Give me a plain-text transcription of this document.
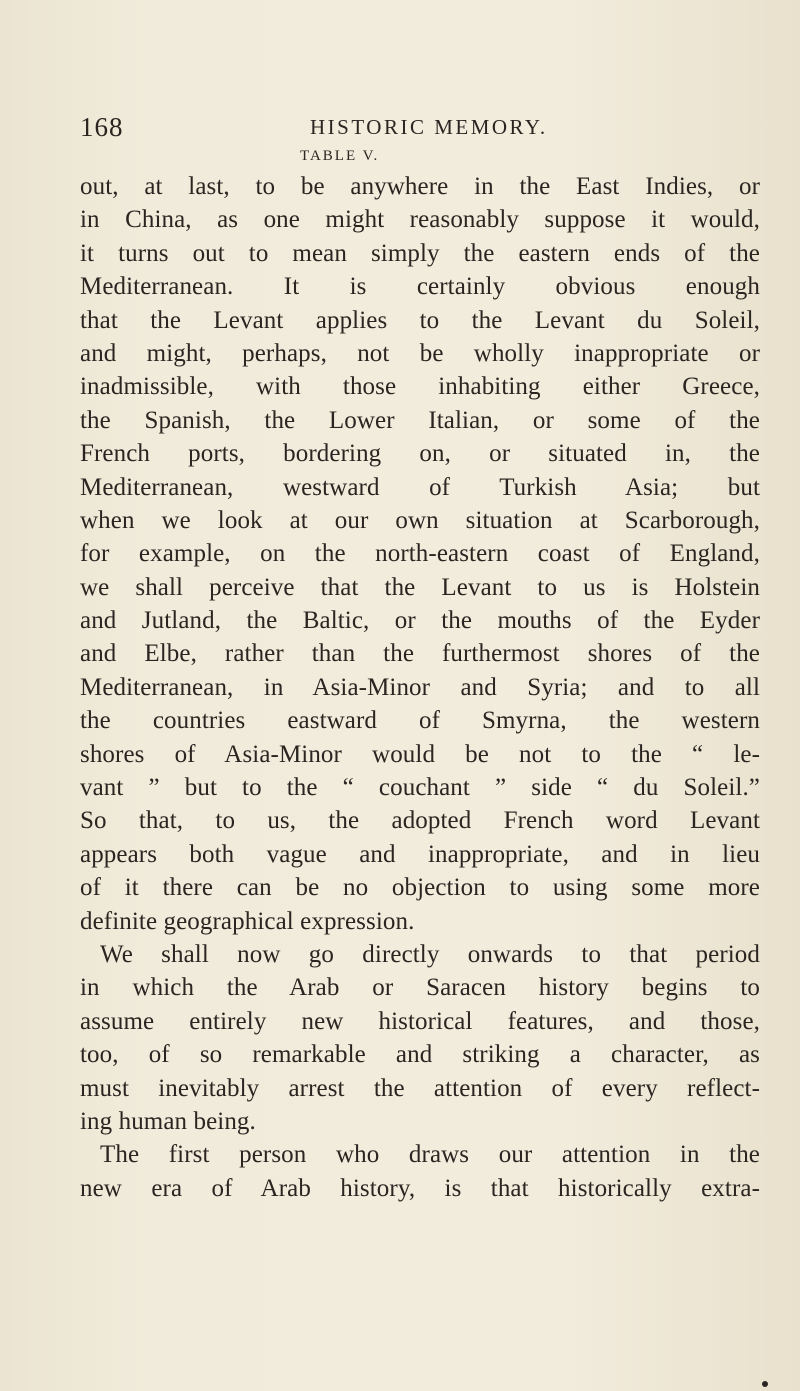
168	HISTORIC MEMORY.
TABLE V.
out, at last, to be anywhere in the East Indies, or
in China, as one might reasonably suppose it would,
it turns out to mean simply the eastern ends of the
Mediterranean. It is certainly obvious enough
that the Levant applies to the Levant du Soleil,
and might, perhaps, not be wholly inappropriate or
inadmissible, with those inhabiting either Greece,
the Spanish, the Lower Italian, or some of the
French ports, bordering on, or situated in, the
Mediterranean, westward of Turkish Asia; but
when we look at our own situation at Scarborough,
for example, on the north-eastern coast of England,
we shall perceive that the Levant to us is Holstein
and Jutland, the Baltic, or the mouths of the Eyder
and Elbe, rather than the furthermost shores of the
Mediterranean, in Asia-Minor and Syria; and to all
the countries eastward of Smyrna, the western
shores of Asia-Minor would be not to the “ le-
vant ” but to the “ couchant ” side “ du Soleil.”
So that, to us, the adopted French word Levant
appears both vague and inappropriate, and in lieu
of it there can be no objection to using some more
definite geographical expression.
We shall now go directly onwards to that period
in which the Arab or Saracen history begins to
assume entirely new historical features, and those,
too, of so remarkable and striking a character, as
must inevitably arrest the attention of every reflect-
ing human being.
The first person who draws our attention in the
new era of Arab history, is that historically extra-
